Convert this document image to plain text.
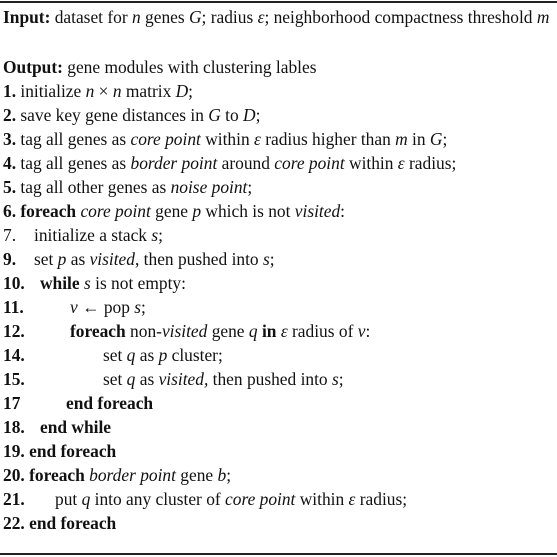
Input: dataset for n genes G; radius ε; neighborhood compactness threshold m
Output: gene modules with clustering lables
1. initialize n × n matrix D;
2. save key gene distances in G to D;
3. tag all genes as core point within ε radius higher than m in G;
4. tag all genes as border point around core point within ε radius;
5. tag all other genes as noise point;
6. foreach core point gene p which is not visited:
7. initialize a stack s;
9. set p as visited, then pushed into s;
10. while s is not empty:
11.	v ← pop s;
12.	foreach non-visited gene q in ε radius of v:
14.	set q as p cluster;
15.	set q as visited, then pushed into s;
17	end foreach
18. end while
19. end foreach
20. foreach border point gene b;
21. put q into any cluster of core point within ε radius;
22. end foreach
